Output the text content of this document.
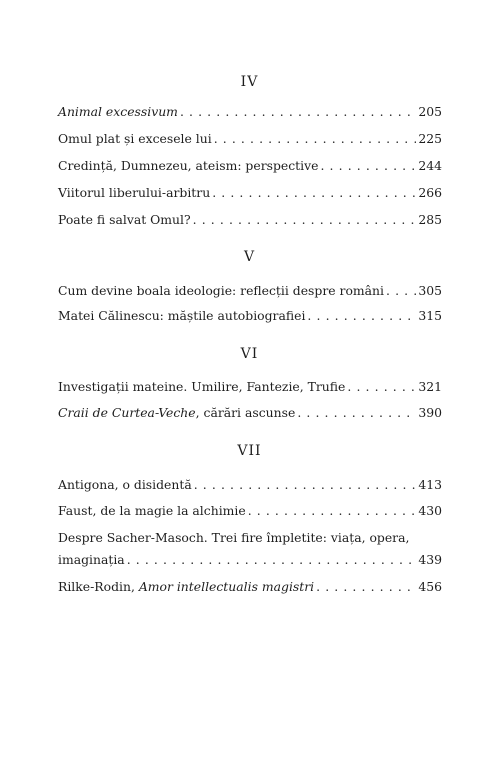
IV
Animal excessivum . . .	205
Omul plat și excesele lui . . .	225
Credință, Dumnezeu, ateism: perspective . . .	244
Viitorul liberului-arbitru . . .	266
Poate fi salvat Omul? . . .	285
V
Cum devine boala ideologie: reflecții despre români . . .	305
Matei Călinescu: măștile autobiografiei . . .	315
VI
Investigații mateine. Umilire, Fantezie, Trufie . . .	321
Craii de Curtea-Veche, cărări ascunse . . .	390
VII
Antigona, o disidentă . . .	413
Faust, de la magie la alchimie . . .	430
Despre Sacher-Masoch. Trei fire împletite: viața, opera,
imaginația . . .	439
Rilke-Rodin, Amor intellectualis magistri . . .	456
